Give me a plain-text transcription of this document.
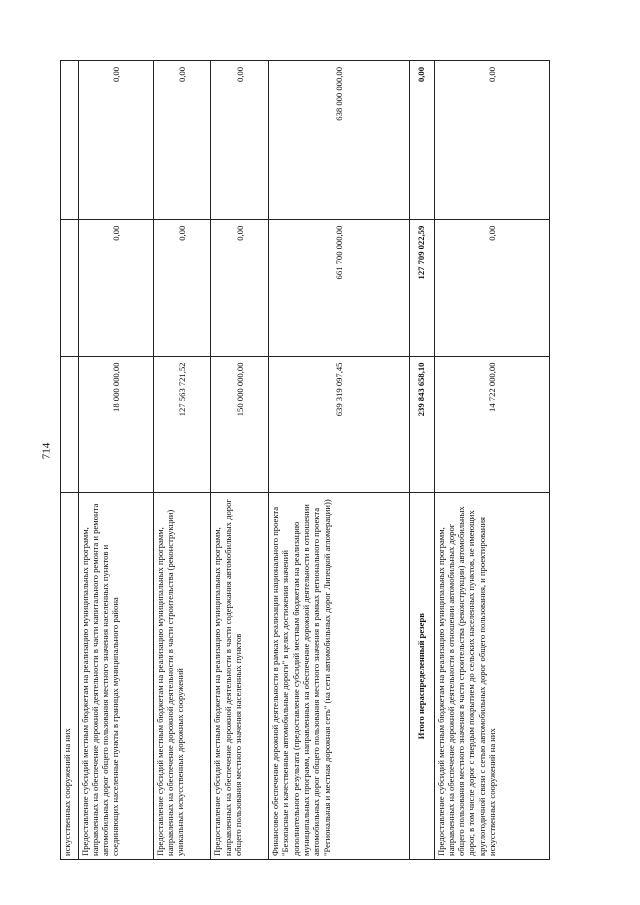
714
искусственных сооружений на них			
Предоставление субсидий местным бюджетам на реализацию муниципальных программ, направленных на обеспечение дорожной деятельности в части капитального ремонта и ремонта автомобильных дорог общего пользования местного значения населенных пунктов и соединяющих населенные пункты в границах муниципального района	18 000 000,00	0,00	0,00
Предоставление субсидий местным бюджетам на реализацию муниципальных программ, направленных на обеспечение дорожной деятельности в части строительства (реконструкции) уникальных искусственных дорожных сооружений	127 563 721,52	0,00	0,00
Предоставление субсидий местным бюджетам на реализацию муниципальных программ, направленных на обеспечение дорожной деятельности в части содержания автомобильных дорог общего пользования местного значения населенных пунктов	150 000 000,00	0,00	0,00
Финансовое обеспечение дорожной деятельности в рамках реализации национального проекта "Безопасные и качественные автомобильные дороги" в целях достижения значений дополнительного результата (предоставление субсидий местным бюджетам на реализацию муниципальных программ, направленных на обеспечение дорожной деятельности в отношении автомобильных дорог общего пользования местного значения в рамках регионального проекта "Региональная и местная дорожная сеть" (на сети автомобильных дорог Липецкой агломерации))	639 319 097,45	661 700 000,00	638 000 000,00
Итого нераспределенный резерв	239 843 658,10	127 709 022,59	0,00
Предоставление субсидий местным бюджетам на реализацию муниципальных программ, направленных на обеспечение дорожной деятельности в отношении автомобильных дорог общего пользования местного значения в части строительства (реконструкции) автомобильных дорог, в том числе дорог с твердым покрытием до сельских населенных пунктов, не имеющих круглогодичной связи с сетью автомобильных дорог общего пользования, и проектирования искусственных сооружений на них	14 722 000,00	0,00	0,00
